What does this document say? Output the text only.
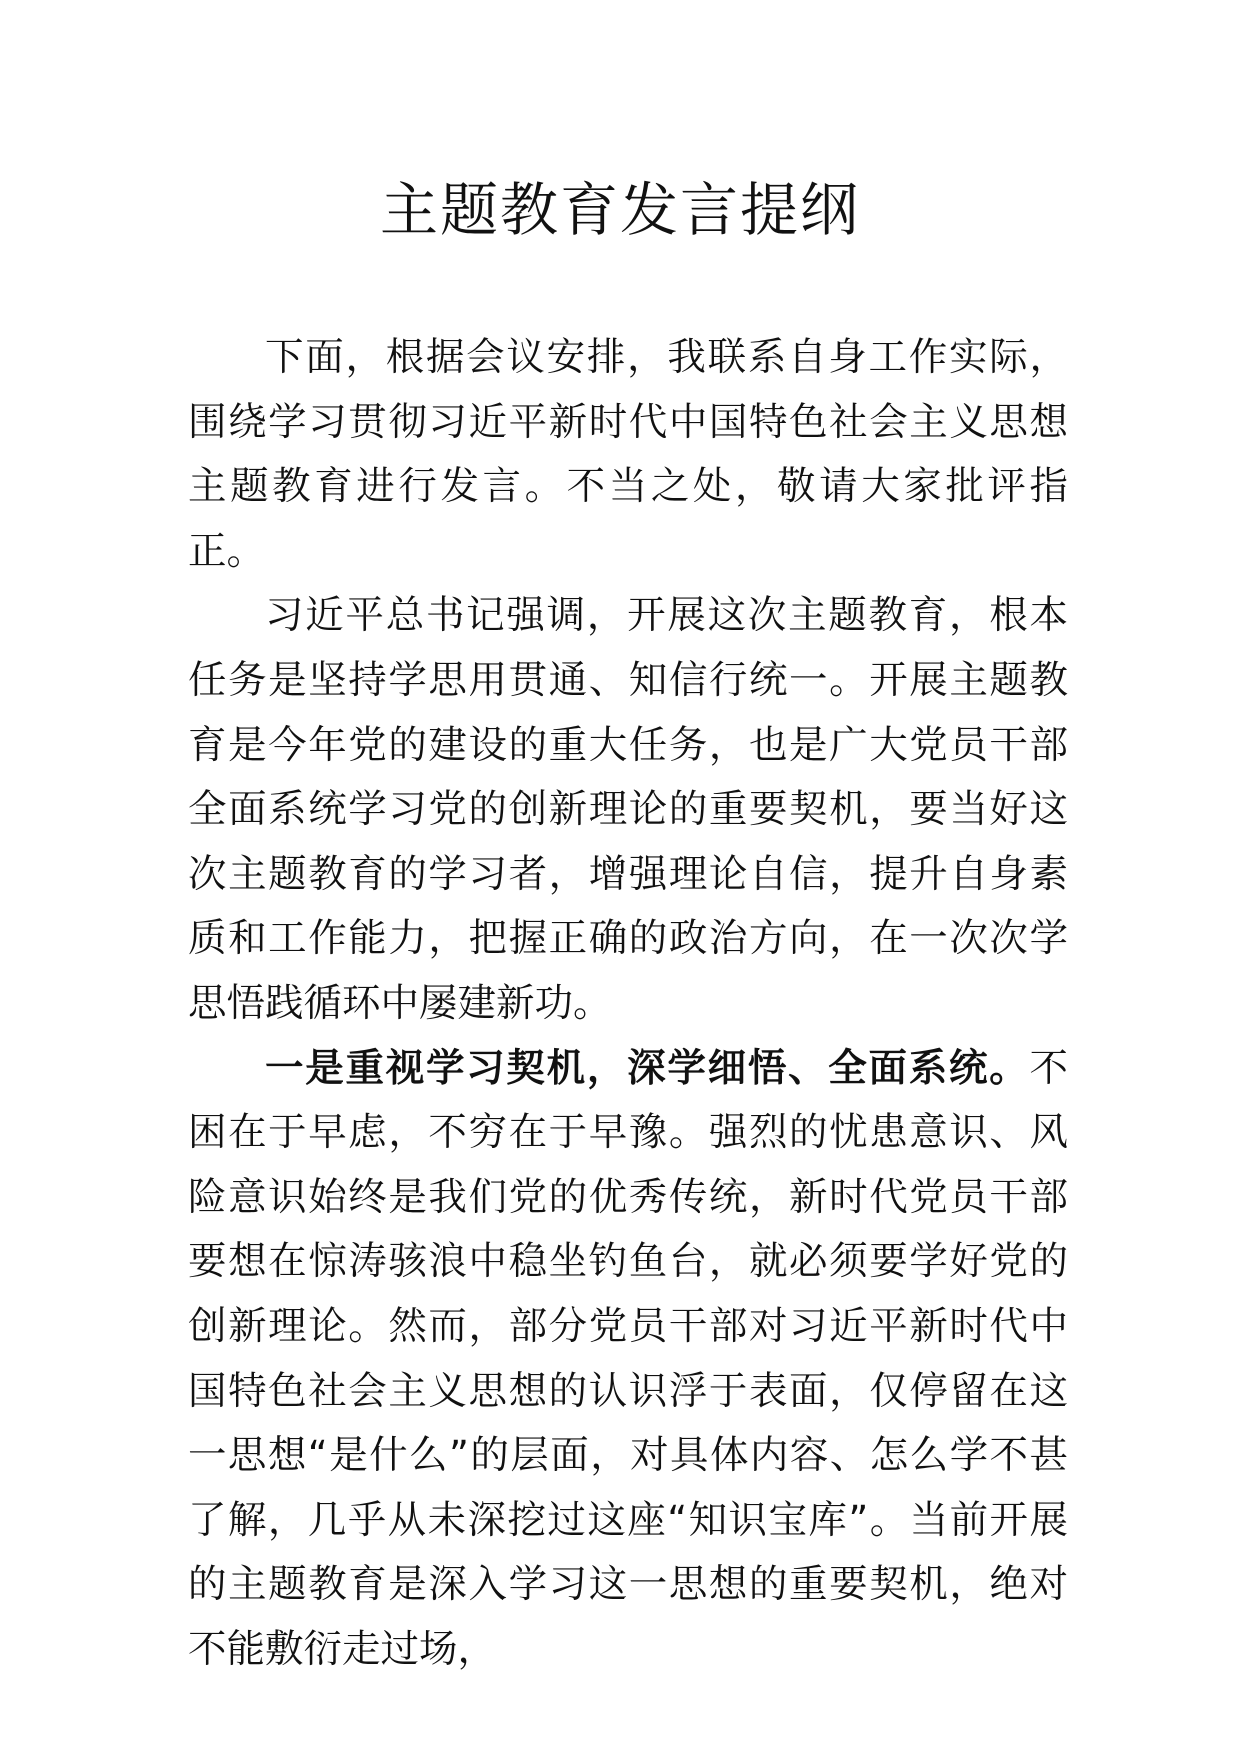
主题教育发言提纲

下面，根据会议安排，我联系自身工作实际，围绕学习贯彻习近平新时代中国特色社会主义思想主题教育进行发言。不当之处，敬请大家批评指正。

习近平总书记强调，开展这次主题教育，根本任务是坚持学思用贯通、知信行统一。开展主题教育是今年党的建设的重大任务，也是广大党员干部全面系统学习党的创新理论的重要契机，要当好这次主题教育的学习者，增强理论自信，提升自身素质和工作能力，把握正确的政治方向，在一次次学思悟践循环中屡建新功。

一是重视学习契机，深学细悟、全面系统。不困在于早虑，不穷在于早豫。强烈的忧患意识、风险意识始终是我们党的优秀传统，新时代党员干部要想在惊涛骇浪中稳坐钓鱼台，就必须要学好党的创新理论。然而，部分党员干部对习近平新时代中国特色社会主义思想的认识浮于表面，仅停留在这一思想“是什么”的层面，对具体内容、怎么学不甚了解，几乎从未深挖过这座“知识宝库”。当前开展的主题教育是深入学习这一思想的重要契机，绝对不能敷衍走过场，
